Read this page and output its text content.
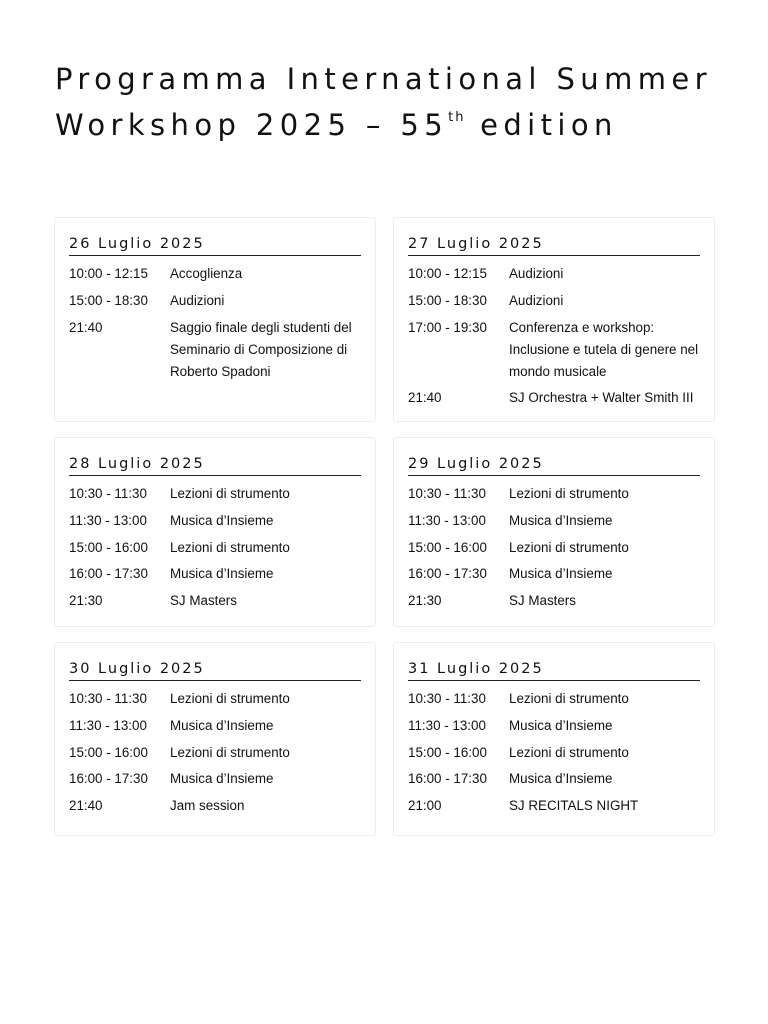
Programma International Summer
Workshop 2025 – 55th edition
26 Luglio 2025
10:00 - 12:15	Accoglienza
15:00 - 18:30	Audizioni
21:40	Saggio finale degli studenti del Seminario di Composizione di Roberto Spadoni
27 Luglio 2025
10:00 - 12:15	Audizioni
15:00 - 18:30	Audizioni
17:00 - 19:30	Conferenza e workshop: Inclusione e tutela di genere nel mondo musicale
21:40	SJ Orchestra + Walter Smith III
28 Luglio 2025
10:30 - 11:30	Lezioni di strumento
11:30 - 13:00	Musica d’Insieme
15:00 - 16:00	Lezioni di strumento
16:00 - 17:30	Musica d’Insieme
21:30	SJ Masters
29 Luglio 2025
10:30 - 11:30	Lezioni di strumento
11:30 - 13:00	Musica d’Insieme
15:00 - 16:00	Lezioni di strumento
16:00 - 17:30	Musica d’Insieme
21:30	SJ Masters
30 Luglio 2025
10:30 - 11:30	Lezioni di strumento
11:30 - 13:00	Musica d’Insieme
15:00 - 16:00	Lezioni di strumento
16:00 - 17:30	Musica d’Insieme
21:40	Jam session
31 Luglio 2025
10:30 - 11:30	Lezioni di strumento
11:30 - 13:00	Musica d’Insieme
15:00 - 16:00	Lezioni di strumento
16:00 - 17:30	Musica d’Insieme
21:00	SJ RECITALS NIGHT
